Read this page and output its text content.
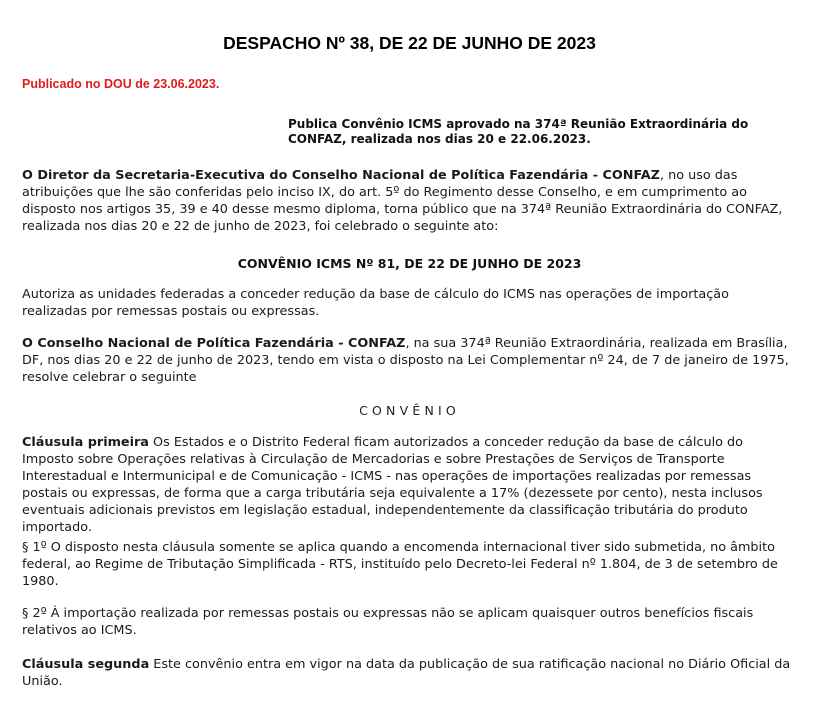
DESPACHO Nº 38, DE 22 DE JUNHO DE 2023
Publicado no DOU de 23.06.2023.
Publica Convênio ICMS aprovado na 374ª Reunião Extraordinária do CONFAZ, realizada nos dias 20 e 22.06.2023.
O Diretor da Secretaria-Executiva do Conselho Nacional de Política Fazendária - CONFAZ, no uso das atribuições que lhe são conferidas pelo inciso IX, do art. 5º do Regimento desse Conselho, e em cumprimento ao disposto nos artigos 35, 39 e 40 desse mesmo diploma, torna público que na 374ª Reunião Extraordinária do CONFAZ, realizada nos dias 20 e 22 de junho de 2023, foi celebrado o seguinte ato:
CONVÊNIO ICMS Nº 81, DE 22 DE JUNHO DE 2023
Autoriza as unidades federadas a conceder redução da base de cálculo do ICMS nas operações de importação realizadas por remessas postais ou expressas.
O Conselho Nacional de Política Fazendária - CONFAZ, na sua 374ª Reunião Extraordinária, realizada em Brasília, DF, nos dias 20 e 22 de junho de 2023, tendo em vista o disposto na Lei Complementar nº 24, de 7 de janeiro de 1975, resolve celebrar o seguinte
CONVÊNIO
Cláusula primeira Os Estados e o Distrito Federal ficam autorizados a conceder redução da base de cálculo do Imposto sobre Operações relativas à Circulação de Mercadorias e sobre Prestações de Serviços de Transporte Interestadual e Intermunicipal e de Comunicação - ICMS - nas operações de importações realizadas por remessas postais ou expressas, de forma que a carga tributária seja equivalente a 17% (dezessete por cento), nesta inclusos eventuais adicionais previstos em legislação estadual, independentemente da classificação tributária do produto importado.
§ 1º O disposto nesta cláusula somente se aplica quando a encomenda internacional tiver sido submetida, no âmbito federal, ao Regime de Tributação Simplificada - RTS, instituído pelo Decreto-lei Federal nº 1.804, de 3 de setembro de 1980.
§ 2º À importação realizada por remessas postais ou expressas não se aplicam quaisquer outros benefícios fiscais relativos ao ICMS.
Cláusula segunda Este convênio entra em vigor na data da publicação de sua ratificação nacional no Diário Oficial da União.
